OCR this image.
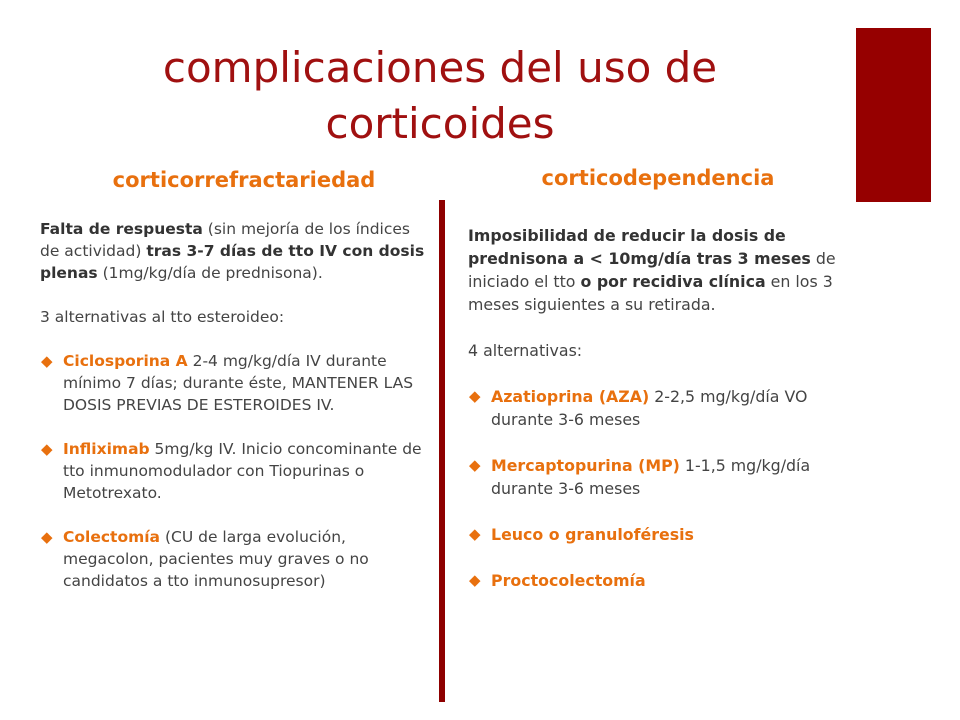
complicaciones del uso de
corticoides
corticorrefractariedad	corticodependencia

Falta de respuesta (sin mejoría de los índices de actividad) tras 3-7 días de tto IV con dosis plenas (1mg/kg/día de prednisona).

3 alternativas al tto esteroideo:

◆ Ciclosporina A 2-4 mg/kg/día IV durante mínimo 7 días; durante éste, MANTENER LAS DOSIS PREVIAS DE ESTEROIDES IV.

◆ Infliximab 5mg/kg IV. Inicio concominante de tto inmunomodulador con Tiopurinas o Metotrexato.

◆ Colectomía (CU de larga evolución, megacolon, pacientes muy graves o no candidatos a tto inmunosupresor)

Imposibilidad de reducir la dosis de prednisona a < 10mg/día tras 3 meses de iniciado el tto o por recidiva clínica en los 3 meses siguientes a su retirada.

4 alternativas:

◆ Azatioprina (AZA) 2-2,5 mg/kg/día VO durante 3-6 meses

◆ Mercaptopurina (MP) 1-1,5 mg/kg/día durante 3-6 meses

◆ Leuco o granuloféresis

◆ Proctocolectomía
